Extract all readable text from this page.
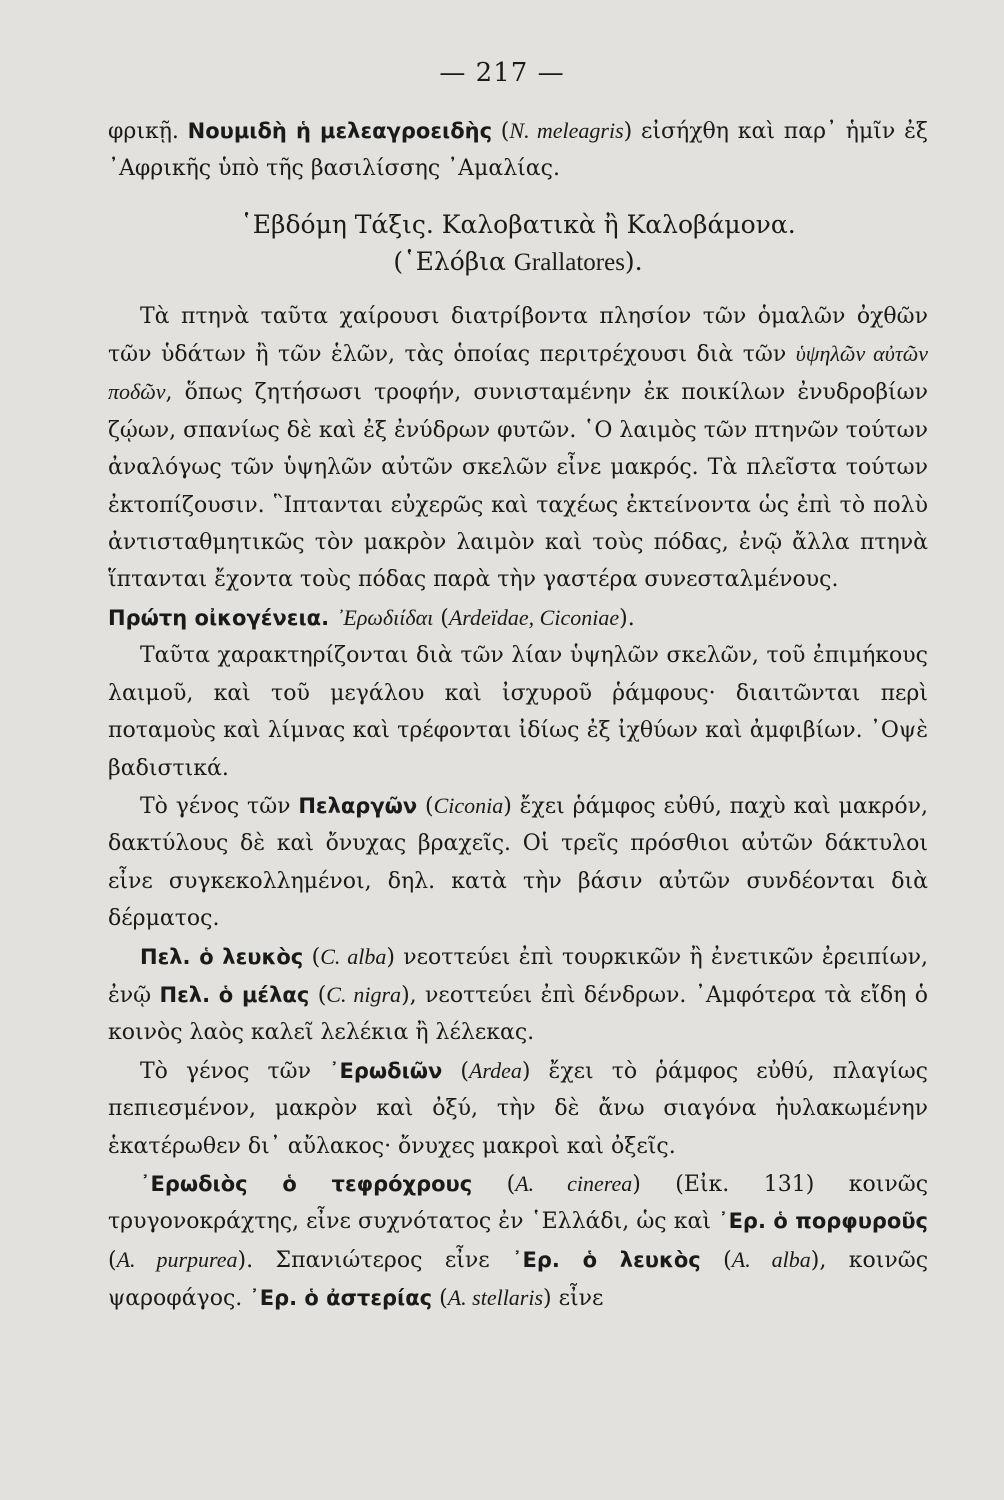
— 217 —

φρικῇ. Νουμιδὴ ἡ μελεαγροειδὴς (N. meleagris) εἰσήχθη καὶ παρ᾽ ἡμῖν ἐξ ᾽Αφρικῆς ὑπὸ τῆς βασιλίσσης ᾽Αμαλίας.

῾Εβδόμη Τάξις. Καλοβατικὰ ἢ Καλοβάμονα.

(῾Ελόβια Grallatores).

Τὰ πτηνὰ ταῦτα χαίρουσι διατρίβοντα πλησίον τῶν ὁμαλῶν ὀχθῶν τῶν ὑδάτων ἢ τῶν ἑλῶν, τὰς ὁποίας περιτρέχουσι διὰ τῶν ὑψηλῶν αὐτῶν ποδῶν, ὅπως ζητήσωσι τροφήν, συνισταμένην ἐκ ποικίλων ἐνυδροβίων ζῴων, σπανίως δὲ καὶ ἐξ ἐνύδρων φυτῶν. ῾Ο λαιμὸς τῶν πτηνῶν τούτων ἀναλόγως τῶν ὑψηλῶν αὐτῶν σκελῶν εἶνε μακρός. Τὰ πλεῖστα τούτων ἐκτοπίζουσιν. ῝Ιπτανται εὐχερῶς καὶ ταχέως ἐκτείνοντα ὡς ἐπὶ τὸ πολὺ ἀντισταθμητικῶς τὸν μακρὸν λαιμὸν καὶ τοὺς πόδας, ἐνῷ ἄλλα πτηνὰ ἵπτανται ἔχοντα τοὺς πόδας παρὰ τὴν γαστέρα συνεσταλμένους.

Πρώτη οἰκογένεια. ᾽Ερωδιίδαι (Ardeïdae, Ciconiae).

Ταῦτα χαρακτηρίζονται διὰ τῶν λίαν ὑψηλῶν σκελῶν, τοῦ ἐπιμήκους λαιμοῦ, καὶ τοῦ μεγάλου καὶ ἰσχυροῦ ῥάμφους· διαιτῶνται περὶ ποταμοὺς καὶ λίμνας καὶ τρέφονται ἰδίως ἐξ ἰχθύων καὶ ἀμφιβίων. ᾽Οψὲ βαδιστικά.

Τὸ γένος τῶν Πελαργῶν (Ciconia) ἔχει ῥάμφος εὐθύ, παχὺ καὶ μακρόν, δακτύλους δὲ καὶ ὄνυχας βραχεῖς. Οἱ τρεῖς πρόσθιοι αὐτῶν δάκτυλοι εἶνε συγκεκολλημένοι, δηλ. κατὰ τὴν βάσιν αὐτῶν συνδέονται διὰ δέρματος.

Πελ. ὁ λευκὸς (C. alba) νεοττεύει ἐπὶ τουρκικῶν ἢ ἐνετικῶν ἐρειπίων, ἐνῷ Πελ. ὁ μέλας (C. nigra), νεοττεύει ἐπὶ δένδρων. ᾽Αμφότερα τὰ εἴδη ὁ κοινὸς λαὸς καλεῖ λελέκια ἢ λέλεκας.

Τὸ γένος τῶν ᾽Ερωδιῶν (Ardea) ἔχει τὸ ῥάμφος εὐθύ, πλαγίως πεπιεσμένον, μακρὸν καὶ ὀξύ, τὴν δὲ ἄνω σιαγόνα ἠυλακωμένην ἑκατέρωθεν δι᾽ αὔλακος· ὄνυχες μακροὶ καὶ ὀξεῖς.

᾽Ερωδιὸς ὁ τεφρόχρους (A. cinerea) (Εἰκ. 131) κοινῶς τρυγονοκράχτης, εἶνε συχνότατος ἐν ῾Ελλάδι, ὡς καὶ ᾽Ερ. ὁ πορφυροῦς (A. purpurea). Σπανιώτερος εἶνε ᾽Ερ. ὁ λευκὸς (A. alba), κοινῶς ψαροφάγος. ᾽Ερ. ὁ ἀστερίας (A. stellaris) εἶνε
